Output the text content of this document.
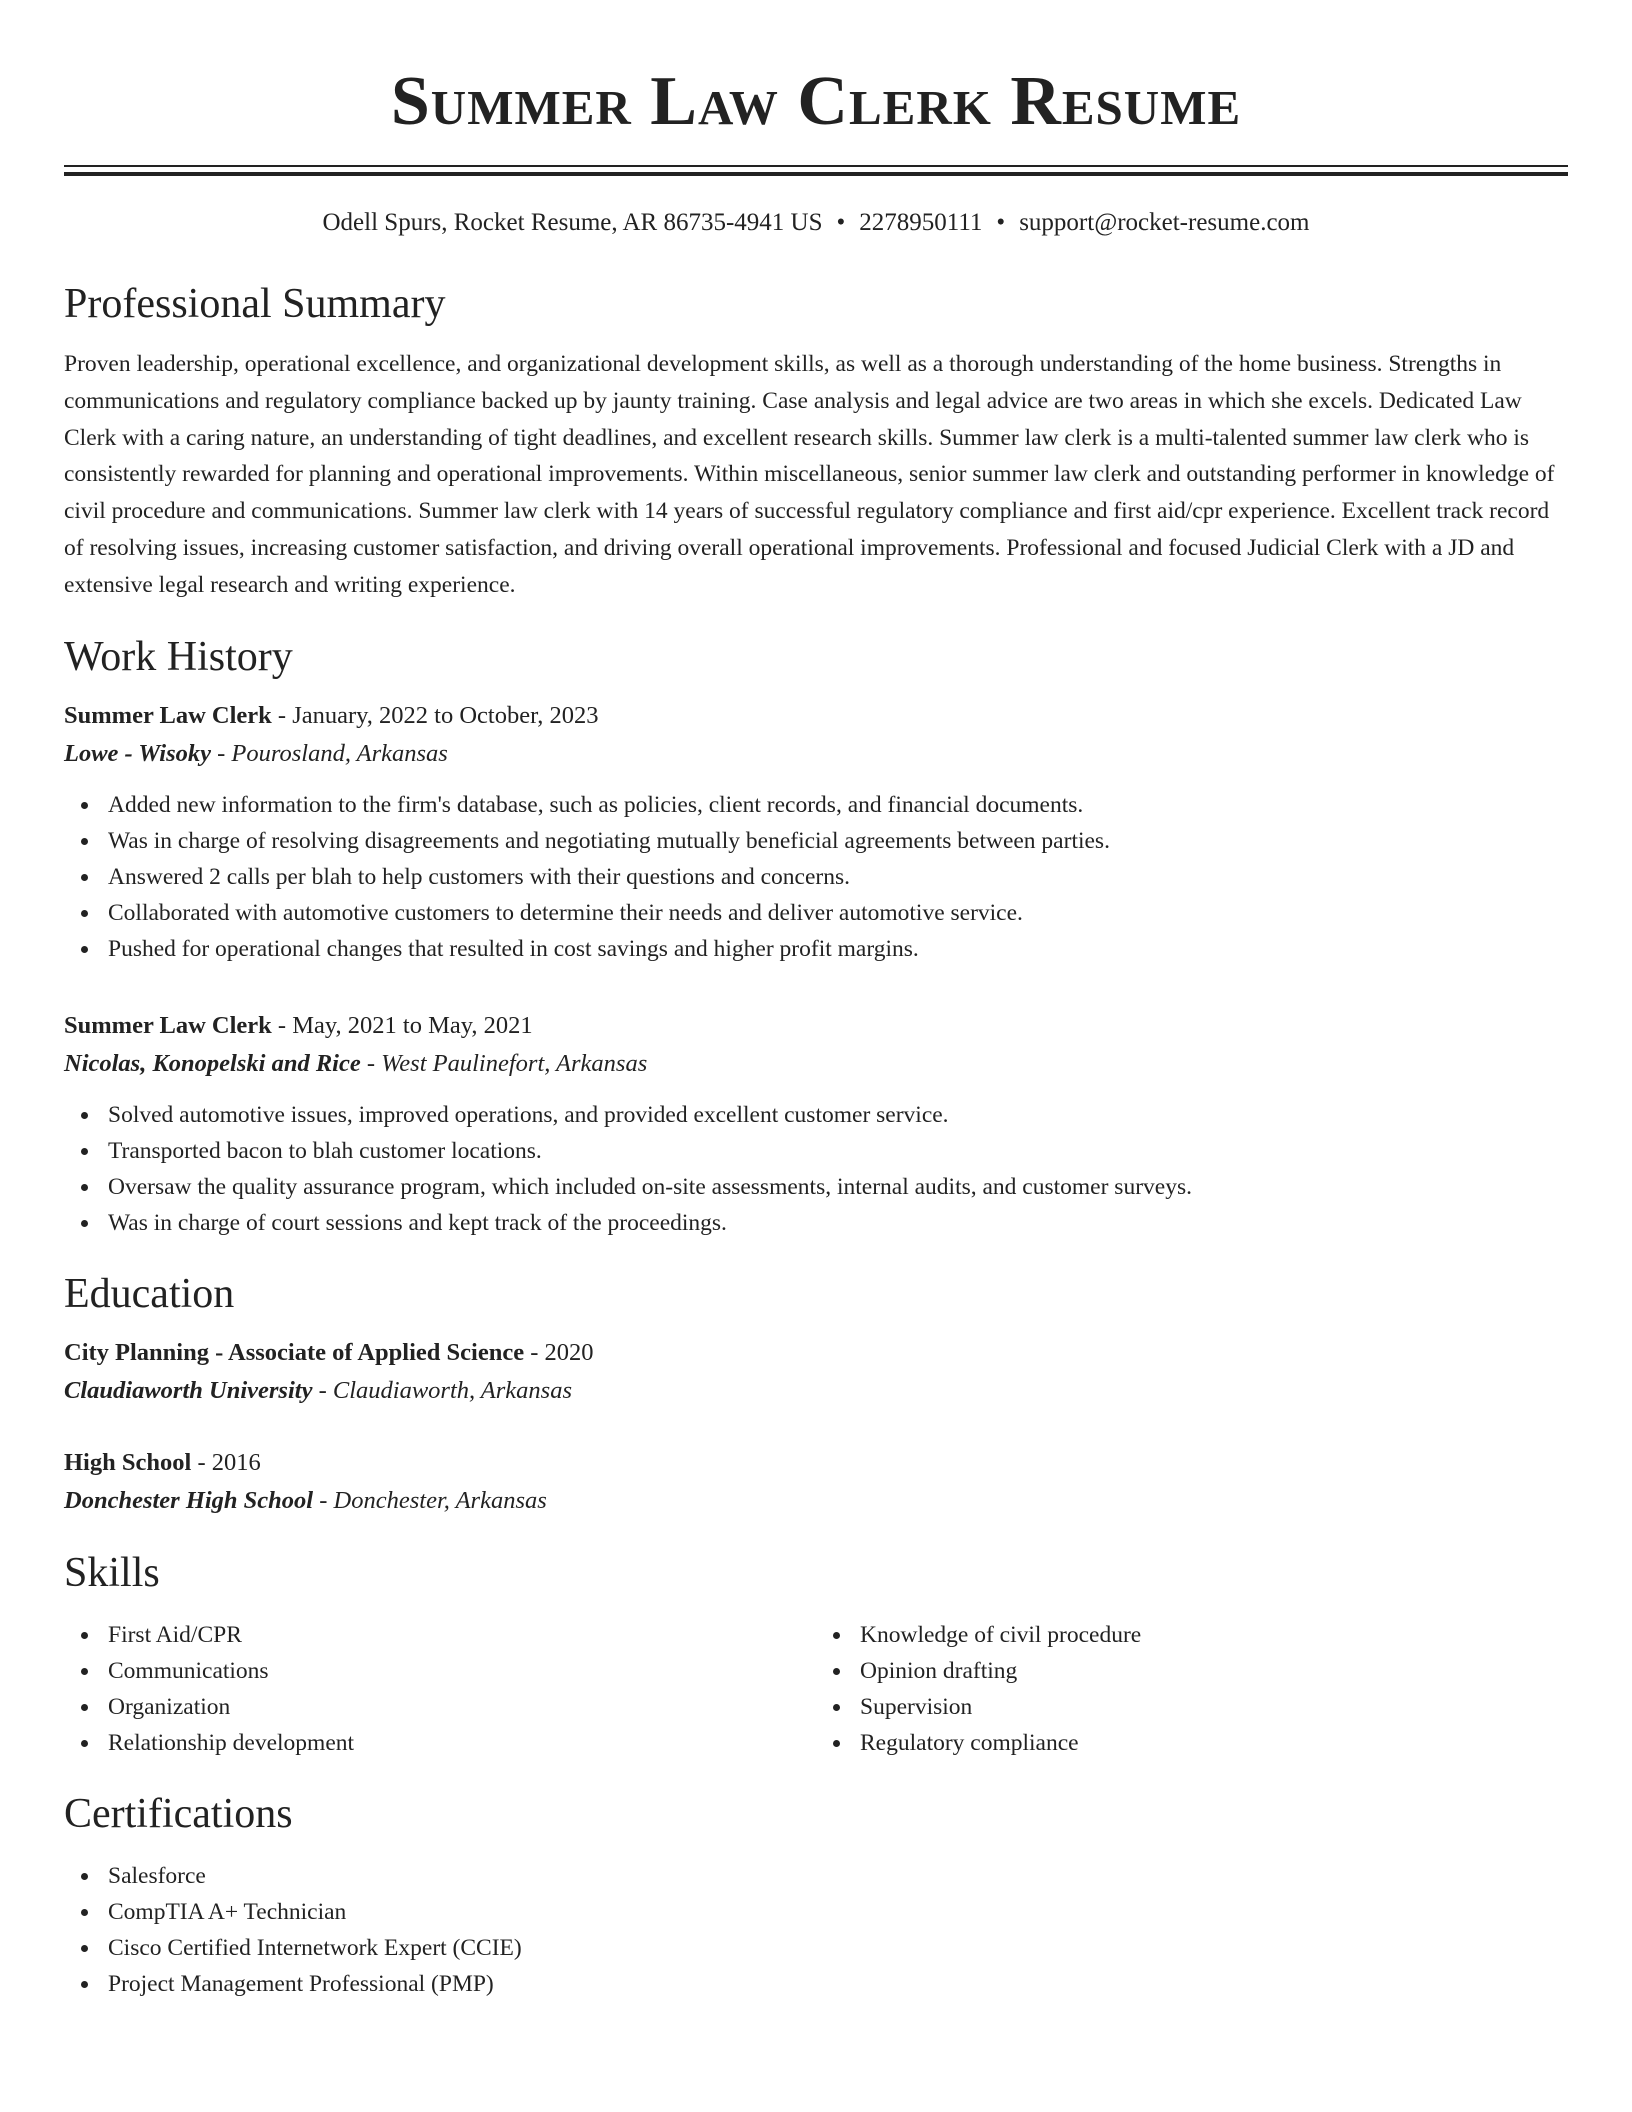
Summer Law Clerk Resume
Odell Spurs, Rocket Resume, AR 86735-4941 US • 2278950111 • support@rocket-resume.com
Professional Summary

Proven leadership, operational excellence, and organizational development skills, as well as a thorough understanding of the home business. Strengths in communications and regulatory compliance backed up by jaunty training. Case analysis and legal advice are two areas in which she excels. Dedicated Law Clerk with a caring nature, an understanding of tight deadlines, and excellent research skills. Summer law clerk is a multi-talented summer law clerk who is consistently rewarded for planning and operational improvements. Within miscellaneous, senior summer law clerk and outstanding performer in knowledge of civil procedure and communications. Summer law clerk with 14 years of successful regulatory compliance and first aid/cpr experience. Excellent track record of resolving issues, increasing customer satisfaction, and driving overall operational improvements. Professional and focused Judicial Clerk with a JD and extensive legal research and writing experience.

Work History
Summer Law Clerk - January, 2022 to October, 2023
Lowe - Wisoky - Pourosland, Arkansas
Added new information to the firm's database, such as policies, client records, and financial documents.
Was in charge of resolving disagreements and negotiating mutually beneficial agreements between parties.
Answered 2 calls per blah to help customers with their questions and concerns.
Collaborated with automotive customers to determine their needs and deliver automotive service.
Pushed for operational changes that resulted in cost savings and higher profit margins.
Summer Law Clerk - May, 2021 to May, 2021
Nicolas, Konopelski and Rice - West Paulinefort, Arkansas
Solved automotive issues, improved operations, and provided excellent customer service.
Transported bacon to blah customer locations.
Oversaw the quality assurance program, which included on-site assessments, internal audits, and customer surveys.
Was in charge of court sessions and kept track of the proceedings.
Education
City Planning - Associate of Applied Science - 2020
Claudiaworth University - Claudiaworth, Arkansas
High School - 2016
Donchester High School - Donchester, Arkansas
Skills
First Aid/CPR
Communications
Organization
Relationship development
Knowledge of civil procedure
Opinion drafting
Supervision
Regulatory compliance
Certifications
Salesforce
CompTIA A+ Technician
Cisco Certified Internetwork Expert (CCIE)
Project Management Professional (PMP)
